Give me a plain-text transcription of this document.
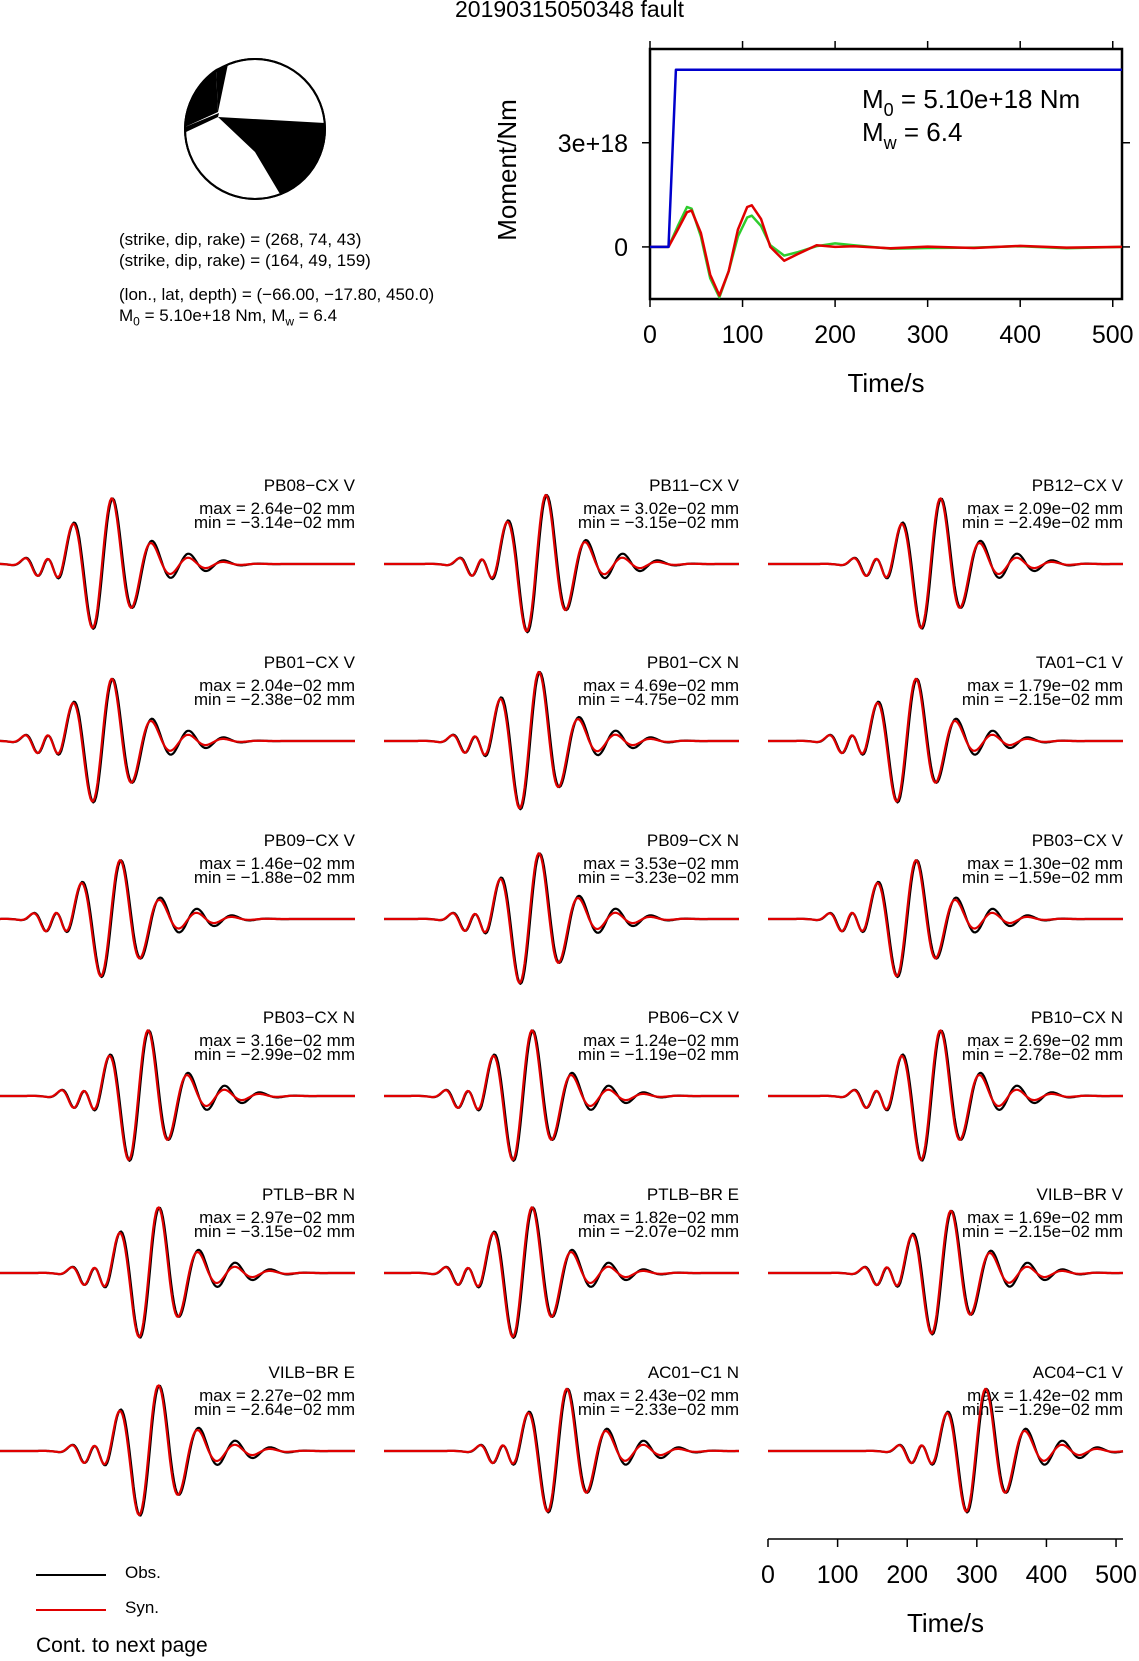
20190315050348 fault
(strike, dip, rake) = (268, 74, 43)
(strike, dip, rake) = (164, 49, 159)
(lon., lat, depth) = (−66.00, −17.80, 450.0)
$M_0 = 5.10e+18$ Nm, $M_w = 6.4$
0	100 200 300 400 500
0
3e+18
Time/s
Moment/Nm
$M_0 = 5.10e+18$ Nm
$M_w = 6.4$
PB08−CX V
max = 2.64e−02 mm
min = −3.14e−02 mm
PB11−CX V
max = 3.02e−02 mm
min = −3.15e−02 mm
PB12−CX V
max = 2.09e−02 mm
min = −2.49e−02 mm
PB01−CX V
max = 2.04e−02 mm
min = −2.38e−02 mm
PB01−CX N
max = 4.69e−02 mm
min = −4.75e−02 mm
TA01−C1 V
max = 1.79e−02 mm
min = −2.15e−02 mm
PB09−CX V
max = 1.46e−02 mm
min = −1.88e−02 mm
PB09−CX N
max = 3.53e−02 mm
min = −3.23e−02 mm
PB03−CX V
max = 1.30e−02 mm
min = −1.59e−02 mm
PB03−CX N
max = 3.16e−02 mm
min = −2.99e−02 mm
PB06−CX V
max = 1.24e−02 mm
min = −1.19e−02 mm
PB10−CX N
max = 2.69e−02 mm
min = −2.78e−02 mm
PTLB−BR N
max = 2.97e−02 mm
min = −3.15e−02 mm
PTLB−BR E
max = 1.82e−02 mm
min = −2.07e−02 mm
VILB−BR V
max = 1.69e−02 mm
min = −2.15e−02 mm
VILB−BR E
max = 2.27e−02 mm
min = −2.64e−02 mm
AC01−C1 N
max = 2.43e−02 mm
min = −2.33e−02 mm
AC04−C1 V
max = 1.42e−02 mm
min = −1.29e−02 mm
0 100 200 300 400 500
Time/s
Obs.
Syn.
Cont. to next page
